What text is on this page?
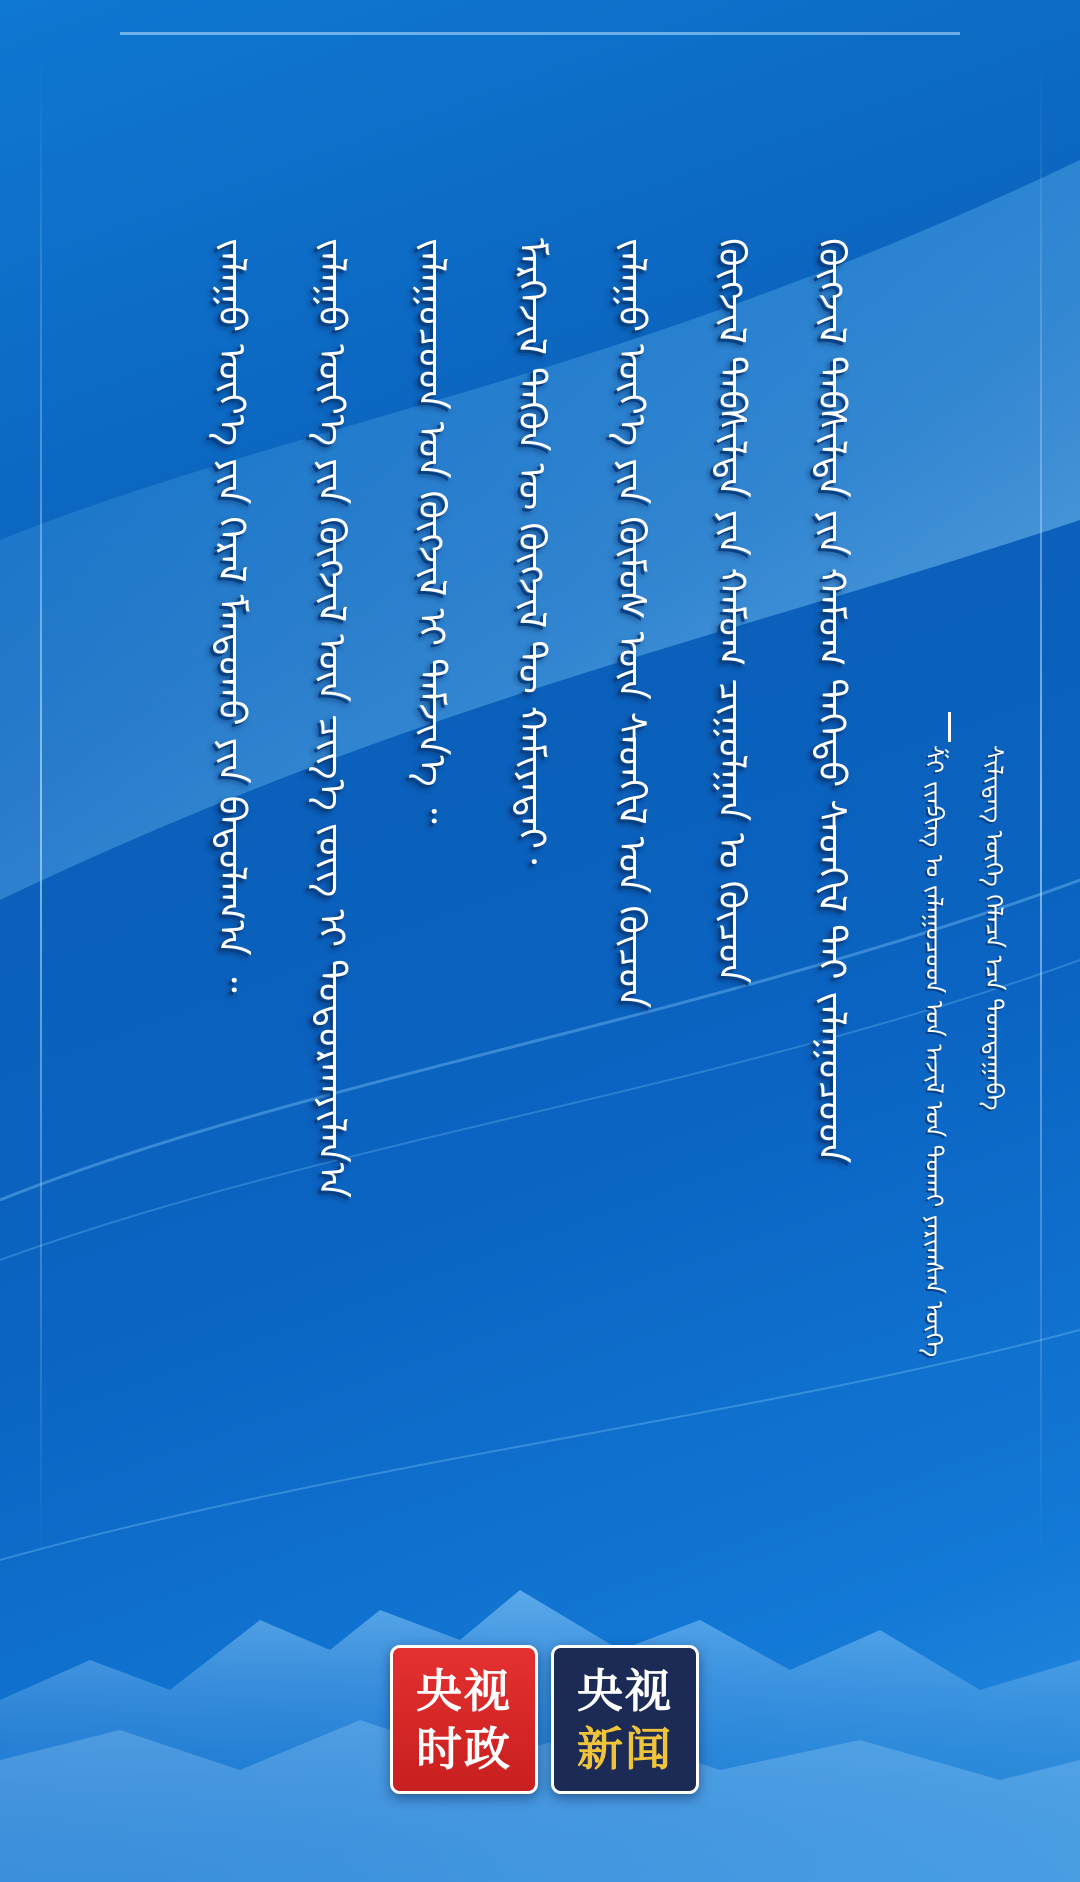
ᠵᠠᠯᠠᠭᠤ ᠦᠶ᠎ᠡ ᠶᠢᠨ ᠭᠡᠷᠡᠯ ᠮᠠᠨᠳᠤᠬᠤ ᠶᠢᠨ ᠪᠠᠲᠤᠯᠠᠭ᠎ᠠ ᠃	ᠵᠠᠯᠠᠭᠤ ᠦᠶ᠎ᠡ ᠶᠢᠨ ᠬᠥᠭᠵᠢᠯ ᠦᠨ ᠴᠢᠭ᠎ᠡ ᠵᠦᠭ ᠢ ᠲᠣᠳᠣᠷᠬᠠᠶᠢᠯᠠᠨ᠎ᠠ	ᠵᠠᠯᠠᠭᠤᠴᠤᠳ ᠤᠨ ᠬᠥᠭᠵᠢᠯ ᠢ ᠳᠡᠮᠵᠢᠨ᠎ᠡ ᠃	ᠮᠡᠷᠭᠡᠵᠢᠯ ᠲᠡᠭᠦᠨ ᠦ ᠬᠥᠭᠵᠢᠯ ᠲᠦ ᠬᠠᠮᠢᠶᠠᠲᠠᠢ᠂	ᠵᠠᠯᠠᠭᠤ ᠦᠶ᠎ᠡ ᠶᠢᠨ ᠬᠦᠮᠦᠰ ᠦᠨ ᠰᠡᠳᠬᠢᠯ ᠤᠨ ᠬᠦᠴᠦᠨ	ᠬᠥᠭᠵᠢᠯ ᠳᠡᠪᠰᠢᠯᠲᠡ ᠶᠢᠨ ᠬᠠᠮᠤᠭ ᠴᠢᠭᠤᠯᠭᠠᠨ ᠤ ᠬᠦᠴᠦᠨ	ᠬᠥᠭᠵᠢᠯ ᠳᠡᠪᠰᠢᠯᠲᠡ ᠶᠢᠨ ᠬᠠᠮᠤᠭ ᠳᠡᠭᠡᠳᠦ ᠰᠡᠳᠬᠢᠯ ᠲᠠᠢ ᠵᠠᠯᠠᠭᠤᠴᠤᠳ	ᠱᠢ ᠵᠢᠨᠫᠢᠩ ᠤ ᠵᠠᠯᠠᠭᠤᠴᠤᠳ ᠤᠨ ᠠᠵᠢᠯ ᠤᠨ ᠲᠤᠬᠠᠢ ᠶᠠᠷᠢᠭᠰᠠᠨ ᠦᠭᠡ	ᠰᠢᠯᠢᠳᠡᠭ ᠦᠭᠡ ᠬᠡᠯᠡᠴᠡ ᠡᠴᠡ ᠲᠣᠭᠲᠠᠭᠠᠪᠠ
央视
时政
央视
新闻
